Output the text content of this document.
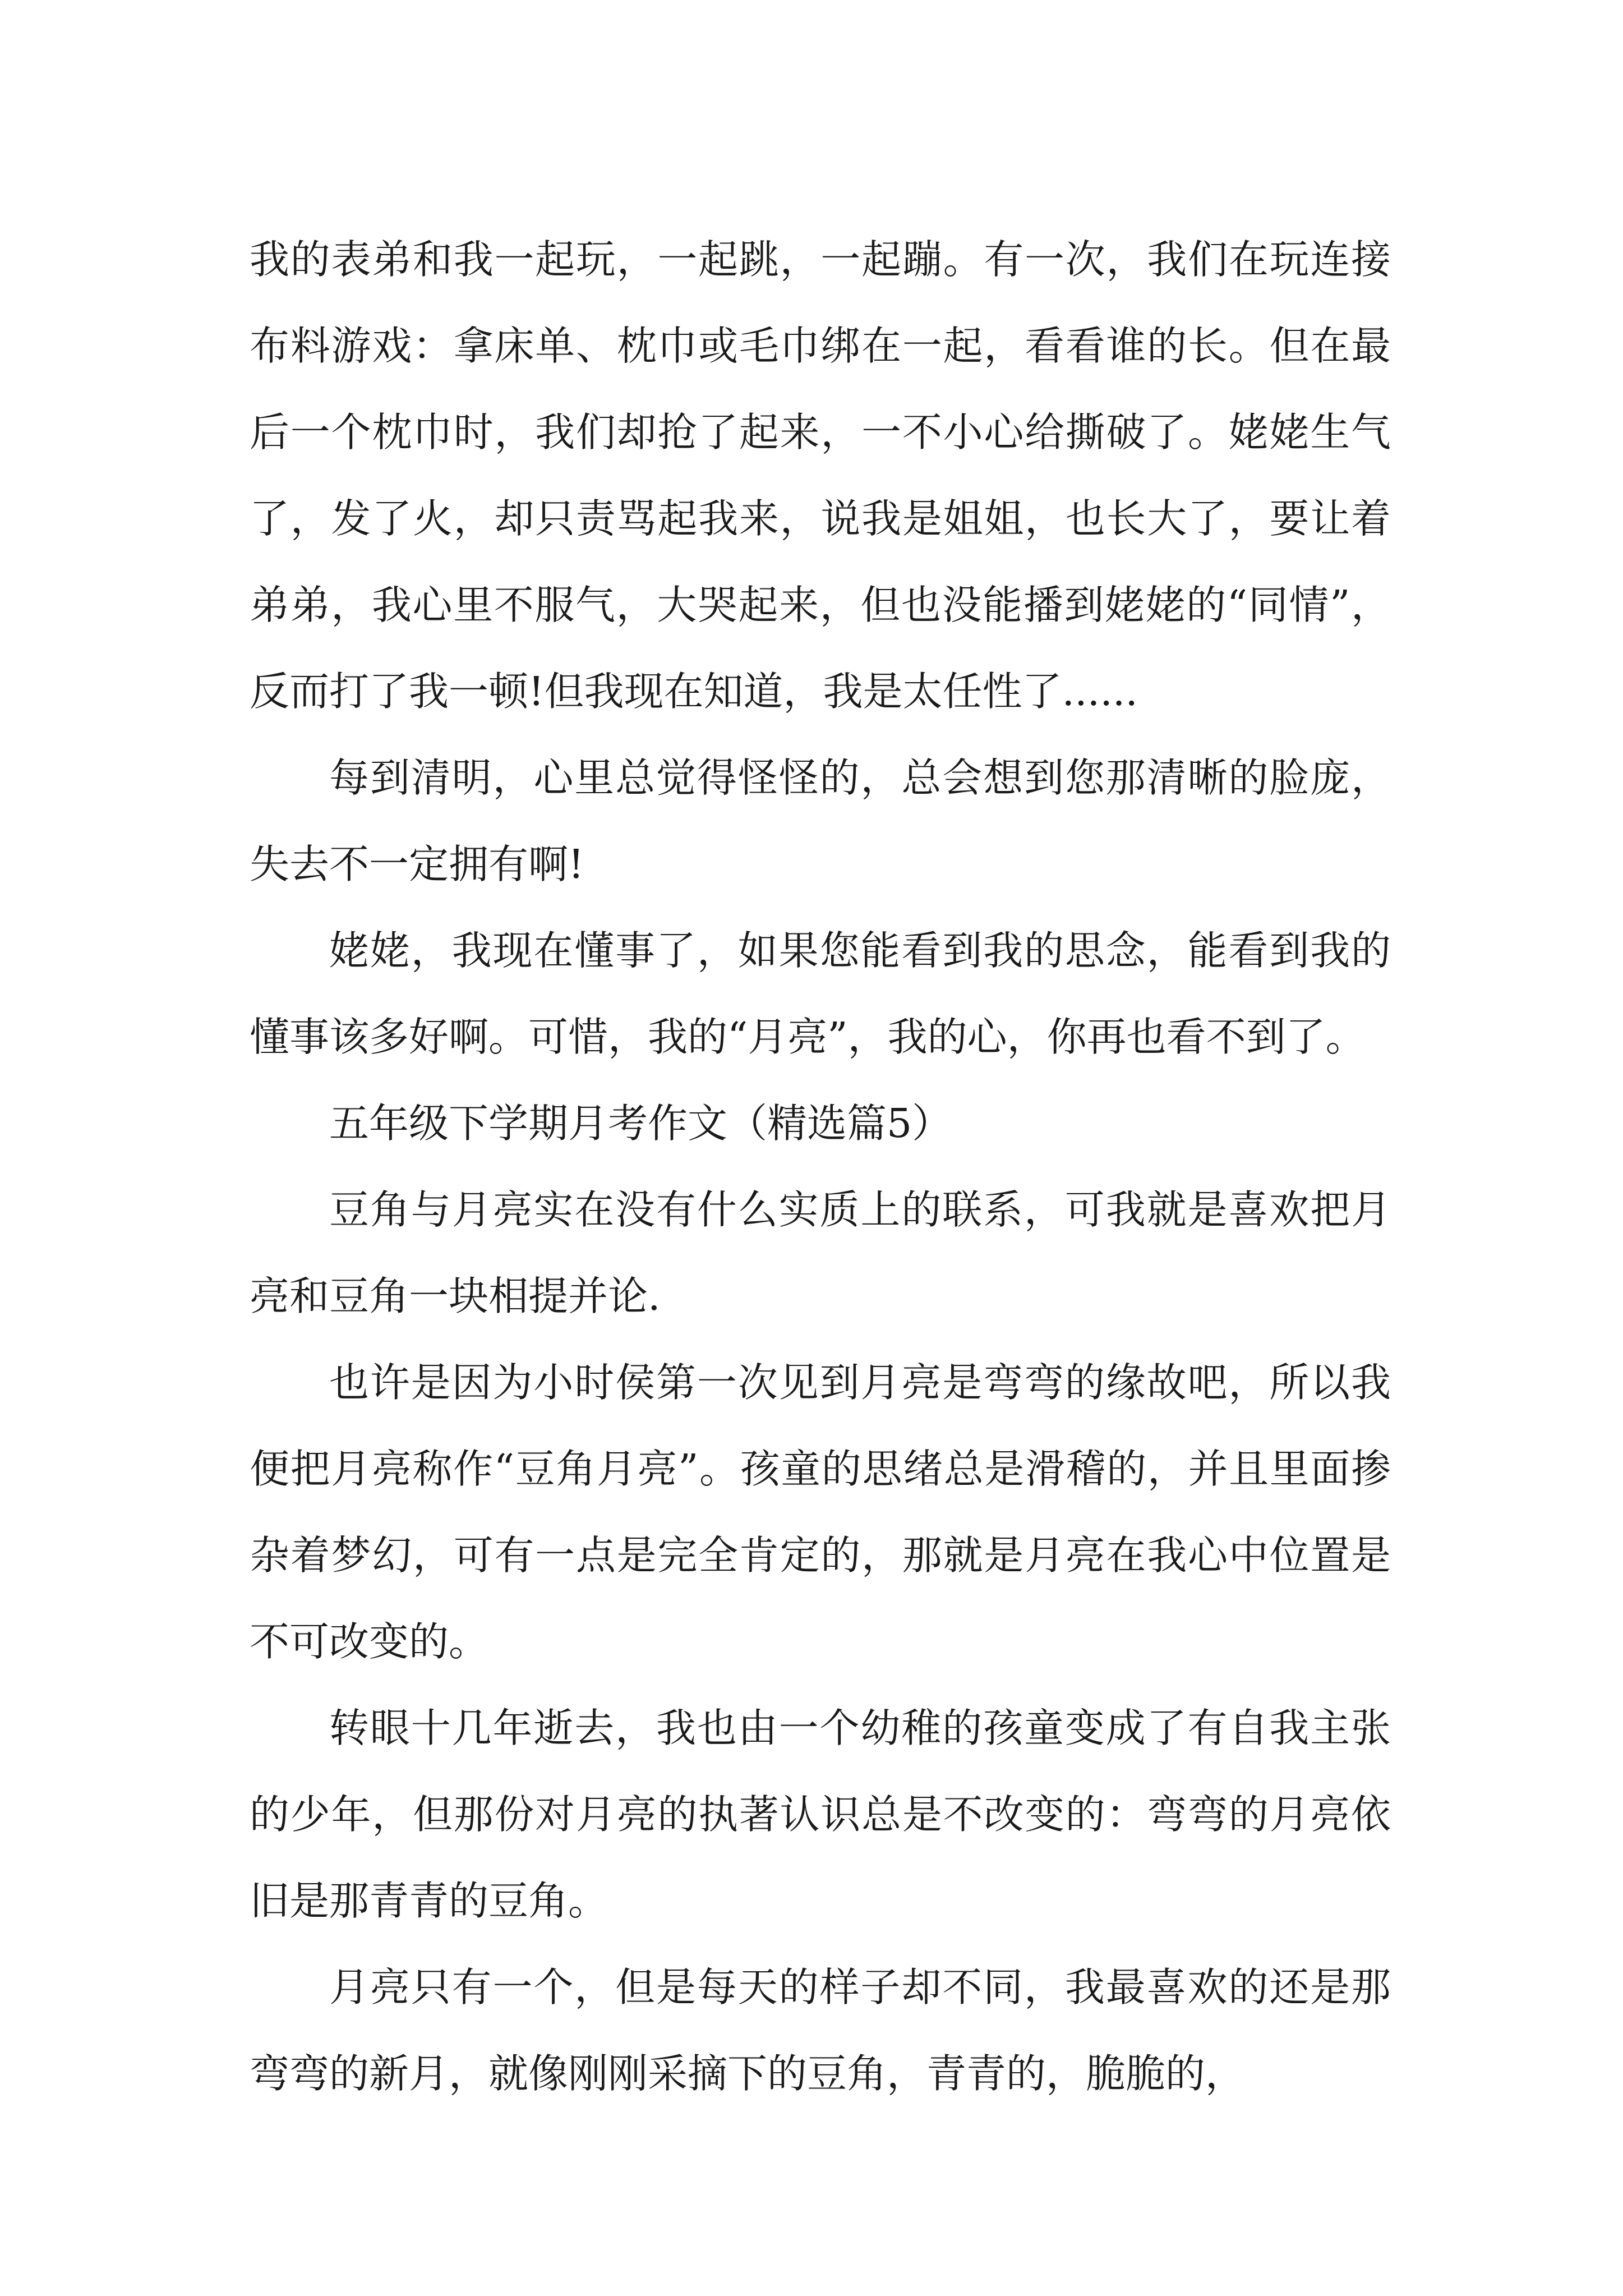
我的表弟和我一起玩，一起跳，一起蹦。有一次，我们在玩连接布料游戏：拿床单、枕巾或毛巾绑在一起，看看谁的长。但在最后一个枕巾时，我们却抢了起来，一不小心给撕破了。姥姥生气了，发了火，却只责骂起我来，说我是姐姐，也长大了，要让着弟弟，我心里不服气，大哭起来，但也没能播到姥姥的“同情”，反而打了我一顿!但我现在知道，我是太任性了......

每到清明，心里总觉得怪怪的，总会想到您那清晰的脸庞，失去不一定拥有啊!

姥姥，我现在懂事了，如果您能看到我的思念，能看到我的懂事该多好啊。可惜，我的“月亮”，我的心，你再也看不到了。

五年级下学期月考作文（精选篇5）

豆角与月亮实在没有什么实质上的联系，可我就是喜欢把月亮和豆角一块相提并论.

也许是因为小时侯第一次见到月亮是弯弯的缘故吧，所以我便把月亮称作“豆角月亮”。孩童的思绪总是滑稽的，并且里面掺杂着梦幻，可有一点是完全肯定的，那就是月亮在我心中位置是不可改变的。

转眼十几年逝去，我也由一个幼稚的孩童变成了有自我主张的少年，但那份对月亮的执著认识总是不改变的：弯弯的月亮依旧是那青青的豆角。

月亮只有一个，但是每天的样子却不同，我最喜欢的还是那弯弯的新月，就像刚刚采摘下的豆角，青青的，脆脆的，
